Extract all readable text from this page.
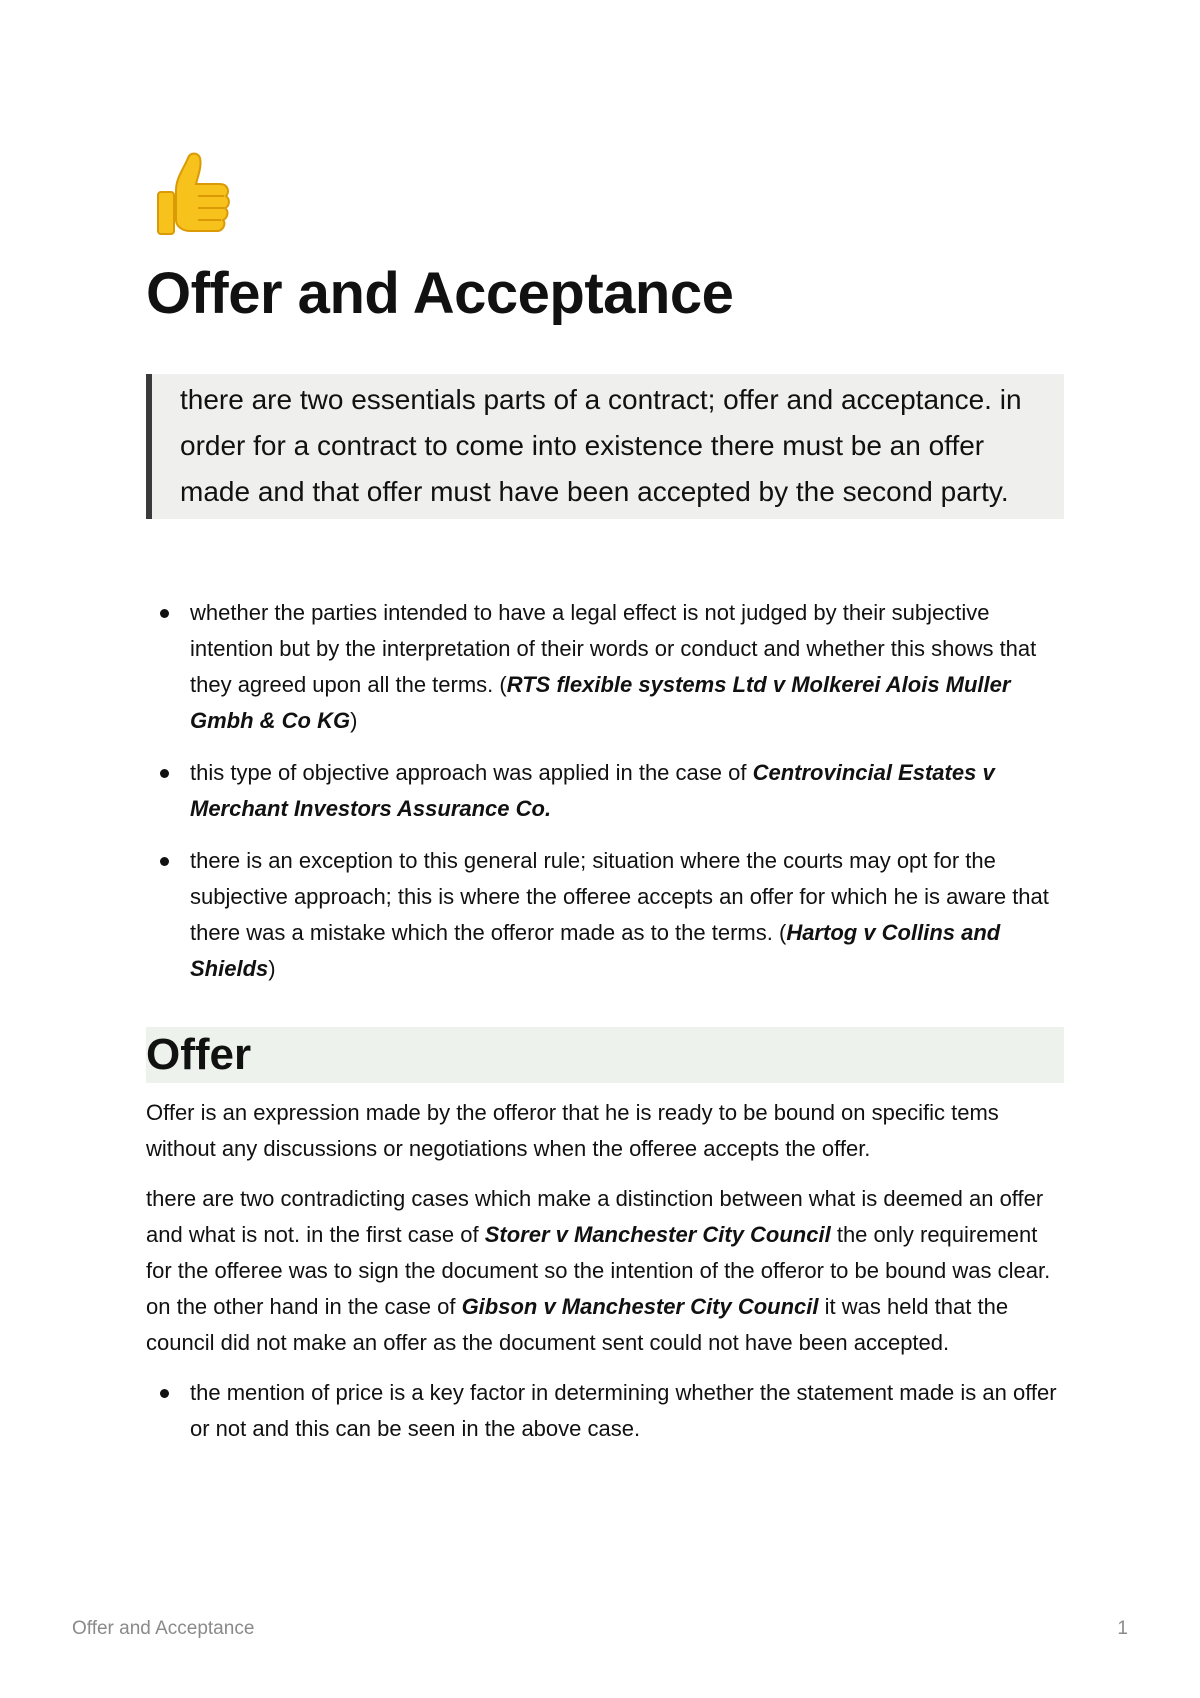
Offer and Acceptance

there are two essentials parts of a contract; offer and acceptance. in order for a contract to come into existence there must be an offer made and that offer must have been accepted by the second party.

whether the parties intended to have a legal effect is not judged by their subjective intention but by the interpretation of their words or conduct and whether this shows that they agreed upon all the terms. (RTS flexible systems Ltd v Molkerei Alois Muller Gmbh & Co KG)
this type of objective approach was applied in the case of Centrovincial Estates v Merchant Investors Assurance Co.
there is an exception to this general rule; situation where the courts may opt for the subjective approach; this is where the offeree accepts an offer for which he is aware that there was a mistake which the offeror made as to the terms. (Hartog v Collins and Shields)
Offer

Offer is an expression made by the offeror that he is ready to be bound on specific tems without any discussions or negotiations when the offeree accepts the offer.

there are two contradicting cases which make a distinction between what is deemed an offer and what is not. in the first case of Storer v Manchester City Council the only requirement for the offeree was to sign the document so the intention of the offeror to be bound was clear. on the other hand in the case of Gibson v Manchester City Council it was held that the council did not make an offer as the document sent could not have been accepted.

the mention of price is a key factor in determining whether the statement made is an offer or not and this can be seen in the above case.
Offer and Acceptance	1
